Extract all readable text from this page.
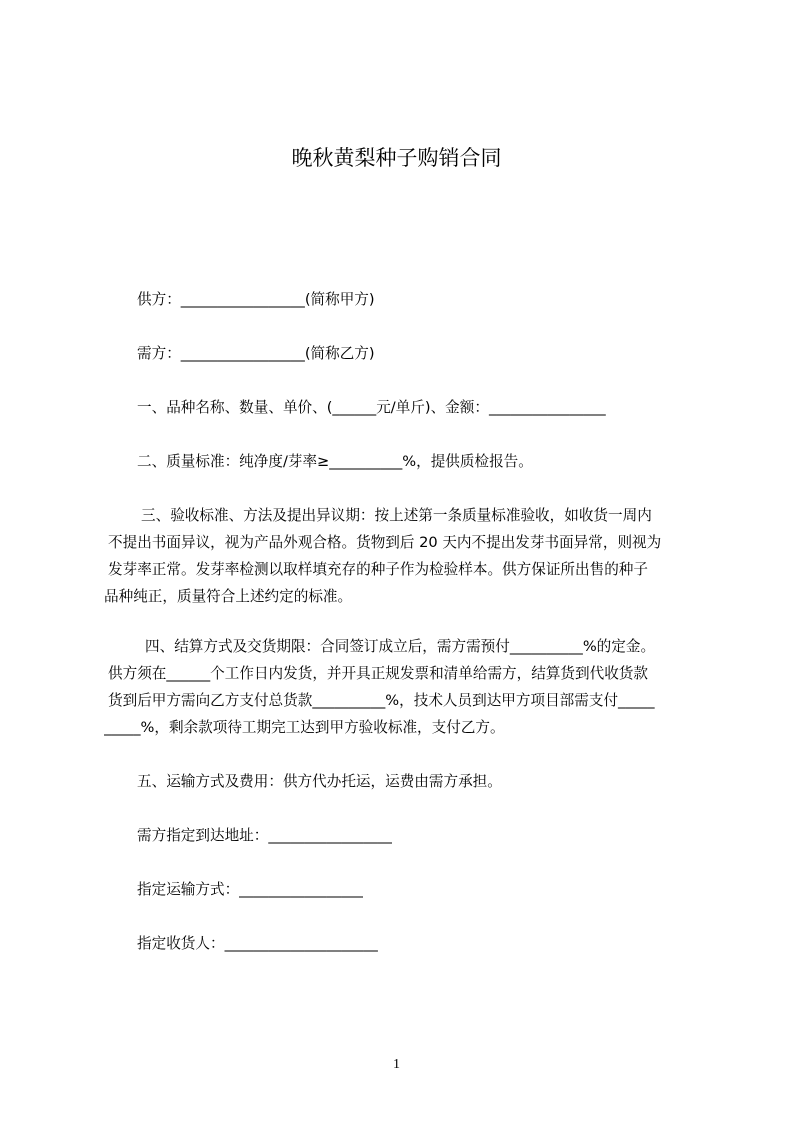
晚秋黄梨种子购销合同
供方：_________________(简称甲方)
需方：_________________(简称乙方)
一、品种名称、数量、单价、(______元/单斤)、金额：________________
二、质量标准：纯净度/芽率≥__________%，提供质检报告。
三、验收标准、方法及提出异议期：按上述第一条质量标准验收，如收货一周内
不提出书面异议，视为产品外观合格。货物到后 20 天内不提出发芽书面异常，则视为
发芽率正常。发芽率检测以取样填充存的种子作为检验样本。供方保证所出售的种子
品种纯正，质量符合上述约定的标准。
四、结算方式及交货期限：合同签订成立后，需方需预付__________%的定金。
供方须在______个工作日内发货，并开具正规发票和清单给需方，结算货到代收货款
货到后甲方需向乙方支付总货款__________%，技术人员到达甲方项目部需支付_____
_____%，剩余款项待工期完工达到甲方验收标准，支付乙方。
五、运输方式及费用：供方代办托运，运费由需方承担。
需方指定到达地址：_________________
指定运输方式：_________________
指定收货人：_____________________
1
